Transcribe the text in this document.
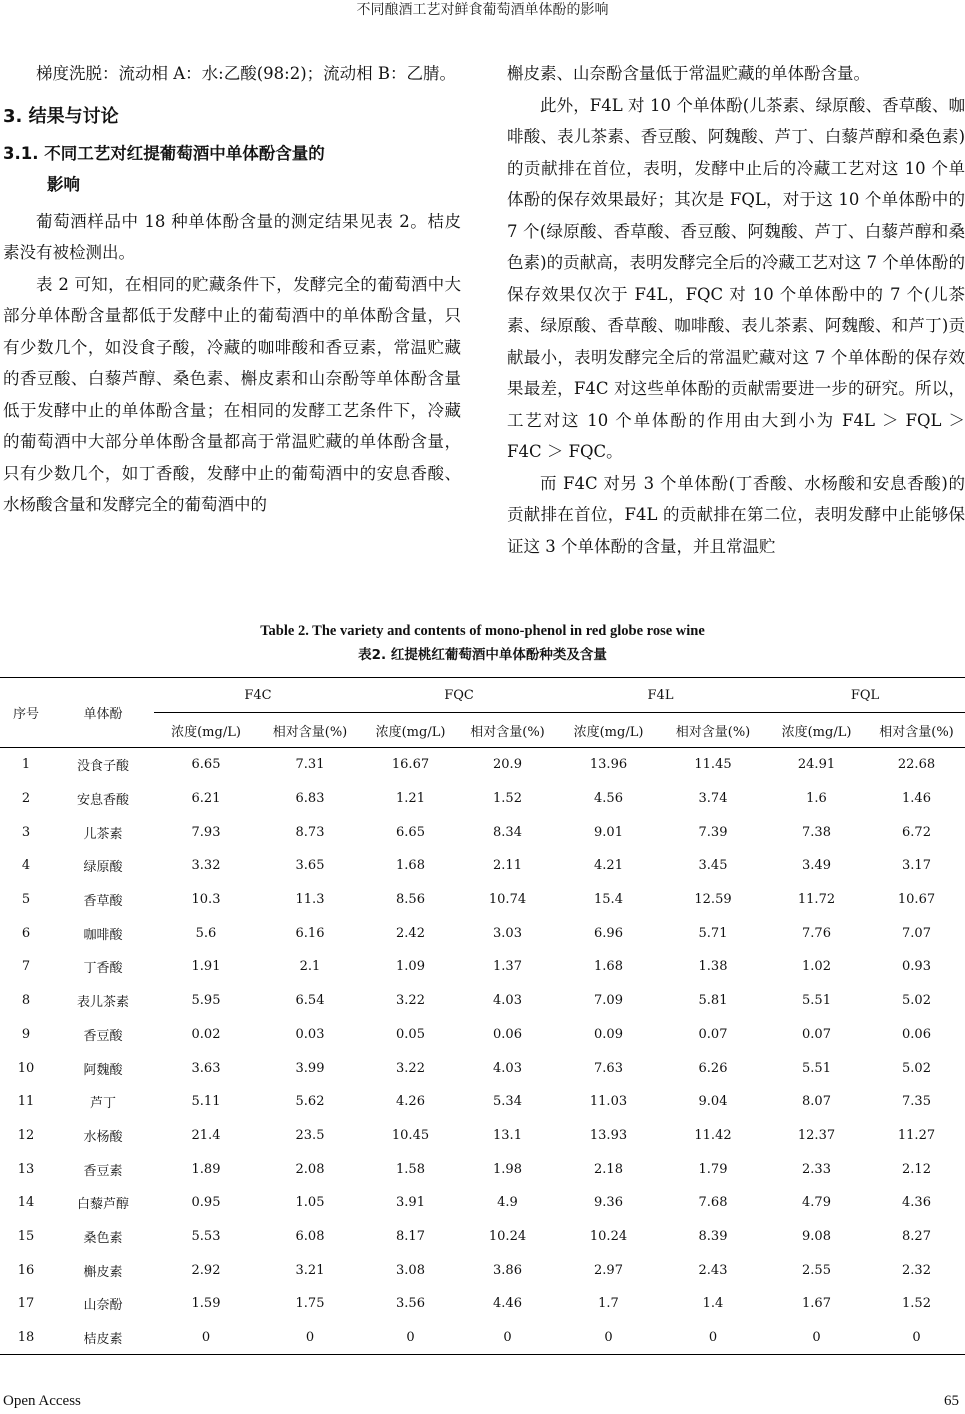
不同酿酒工艺对鲜食葡萄酒单体酚的影响

梯度洗脱：流动相 A：水:乙酸(98:2)；流动相 B：乙腈。

3. 结果与讨论
3.1. 不同工艺对红提葡萄酒中单体酚含量的
影响

葡萄酒样品中 18 种单体酚含量的测定结果见表 2。桔皮素没有被检测出。

表 2 可知，在相同的贮藏条件下，发酵完全的葡萄酒中大部分单体酚含量都低于发酵中止的葡萄酒中的单体酚含量，只有少数几个，如没食子酸，冷藏的咖啡酸和香豆素，常温贮藏的香豆酸、白藜芦醇、桑色素、槲皮素和山奈酚等单体酚含量低于发酵中止的单体酚含量；在相同的发酵工艺条件下，冷藏的葡萄酒中大部分单体酚含量都高于常温贮藏的单体酚含量，只有少数几个，如丁香酸，发酵中止的葡萄酒中的安息香酸、水杨酸含量和发酵完全的葡萄酒中的

槲皮素、山奈酚含量低于常温贮藏的单体酚含量。

此外，F4L 对 10 个单体酚(儿茶素、绿原酸、香草酸、咖啡酸、表儿茶素、香豆酸、阿魏酸、芦丁、白藜芦醇和桑色素)的贡献排在首位，表明，发酵中止后的冷藏工艺对这 10 个单体酚的保存效果最好；其次是 FQL，对于这 10 个单体酚中的 7 个(绿原酸、香草酸、香豆酸、阿魏酸、芦丁、白藜芦醇和桑色素)的贡献高，表明发酵完全后的冷藏工艺对这 7 个单体酚的保存效果仅次于 F4L，FQC 对 10 个单体酚中的 7 个(儿茶素、绿原酸、香草酸、咖啡酸、表儿茶素、阿魏酸、和芦丁)贡献最小，表明发酵完全后的常温贮藏对这 7 个单体酚的保存效果最差，F4C 对这些单体酚的贡献需要进一步的研究。所以，工艺对这 10 个单体酚的作用由大到小为 F4L ＞ FQL ＞ F4C ＞ FQC。

而 F4C 对另 3 个单体酚(丁香酸、水杨酸和安息香酸)的贡献排在首位，F4L 的贡献排在第二位，表明发酵中止能够保证这 3 个单体酚的含量，并且常温贮

Table 2. The variety and contents of mono-phenol in red globe rose wine
表2. 红提桃红葡萄酒中单体酚种类及含量
序号	单体酚	F4C		FQC		F4L		FQL	
		浓度(mg/L)	相对含量(%)	浓度(mg/L)	相对含量(%)	浓度(mg/L)	相对含量(%)	浓度(mg/L)	相对含量(%)
1	没食子酸	6.65	7.31	16.67	20.9	13.96	11.45	24.91	22.68
2	安息香酸	6.21	6.83	1.21	1.52	4.56	3.74	1.6	1.46
3	儿茶素	7.93	8.73	6.65	8.34	9.01	7.39	7.38	6.72
4	绿原酸	3.32	3.65	1.68	2.11	4.21	3.45	3.49	3.17
5	香草酸	10.3	11.3	8.56	10.74	15.4	12.59	11.72	10.67
6	咖啡酸	5.6	6.16	2.42	3.03	6.96	5.71	7.76	7.07
7	丁香酸	1.91	2.1	1.09	1.37	1.68	1.38	1.02	0.93
8	表儿茶素	5.95	6.54	3.22	4.03	7.09	5.81	5.51	5.02
9	香豆酸	0.02	0.03	0.05	0.06	0.09	0.07	0.07	0.06
10	阿魏酸	3.63	3.99	3.22	4.03	7.63	6.26	5.51	5.02
11	芦丁	5.11	5.62	4.26	5.34	11.03	9.04	8.07	7.35
12	水杨酸	21.4	23.5	10.45	13.1	13.93	11.42	12.37	11.27
13	香豆素	1.89	2.08	1.58	1.98	2.18	1.79	2.33	2.12
14	白藜芦醇	0.95	1.05	3.91	4.9	9.36	7.68	4.79	4.36
15	桑色素	5.53	6.08	8.17	10.24	10.24	8.39	9.08	8.27
16	槲皮素	2.92	3.21	3.08	3.86	2.97	2.43	2.55	2.32
17	山奈酚	1.59	1.75	3.56	4.46	1.7	1.4	1.67	1.52
18	桔皮素	0	0	0	0	0	0	0	0
Open Access	65
